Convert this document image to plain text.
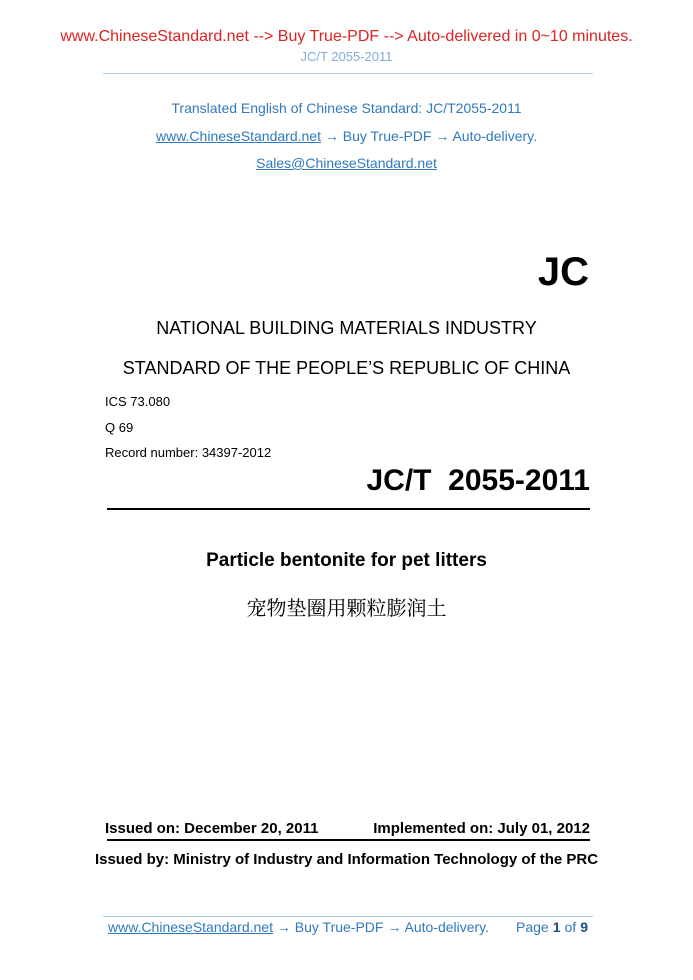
www.ChineseStandard.net --> Buy True-PDF --> Auto-delivered in 0~10 minutes.
JC/T 2055-2011
Translated English of Chinese Standard: JC/T2055-2011
www.ChineseStandard.net → Buy True-PDF → Auto-delivery.
Sales@ChineseStandard.net
JC
NATIONAL BUILDING MATERIALS INDUSTRY
STANDARD OF THE PEOPLE’S REPUBLIC OF CHINA
ICS 73.080
Q 69
Record number: 34397-2012
JC/T  2055-2011
Particle bentonite for pet litters
宠物垫圈用颗粒膨润土
Issued on: December 20, 2011	Implemented on: July 01, 2012
Issued by: Ministry of Industry and Information Technology of the PRC
www.ChineseStandard.net → Buy True-PDF → Auto-delivery. Page 1 of 9
